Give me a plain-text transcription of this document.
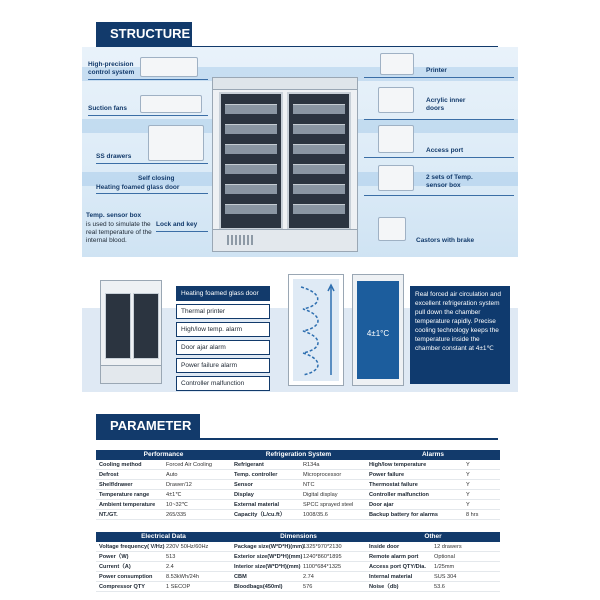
STRUCTURE
High-precision control system
Suction fans
SS drawers
Self closing
Heating foamed glass door
Temp. sensor box
is used to simulate the real temperature of the internal blood.
Lock and key
Printer
Acrylic inner doors
Access port
2 sets of Temp. sensor box
Castors with brake
Heating foamed glass door
Thermal printer
High/low temp. alarm
Door ajar alarm
Power failure alarm
Controller malfunction
4±1°C
Real forced air circulation and excellent refrigeration system pull down the chamber temperature rapidly. Precise cooling technology keeps the temperature inside the chamber constant at 4±1℃
PARAMETER
Performance
Cooling method	Forced Air Cooling
Defrost	Auto
Shelf/drawer	Drawer/12
Temperature range	4±1℃
Ambient temperature 10~32℃
NT./GT.	265/335
Refrigeration System
Refrigerant	R134a
Temp. controller	Microprocessor
Sensor	NTC
Display	Digital display
External material	SPCC sprayed steel
Capacity（L/cu.ft）	1008/35.6
Alarms
High/low temperature	Y
Power failure	Y
Thermostat failure	Y
Controller malfunction	Y
Door ajar	Y
Backup battery for alarms	8 hrs
Electrical Data
Voltage frequency( V/Hz) 220V 50Hz/60Hz
Power（W)	513
Current（A)	2.4
Power consumption 8.53kWh/24h
Compressor QTY	1 SECOP
Dimensions
Package size(W*D*H)(mm) 1325*970*2130
Exterior size(W*D*H)(mm) 1240*860*1895
Interior size(W*D*H)(mm) 1100*684*1325
CBM	2.74
Bloodbags(450ml)	576
Other
Inside door	12 drawers
Remote alarm port	Optional
Access port QTY/Dia. 1/25mm
Internal material	SUS 304
Noise（db)	53.6
